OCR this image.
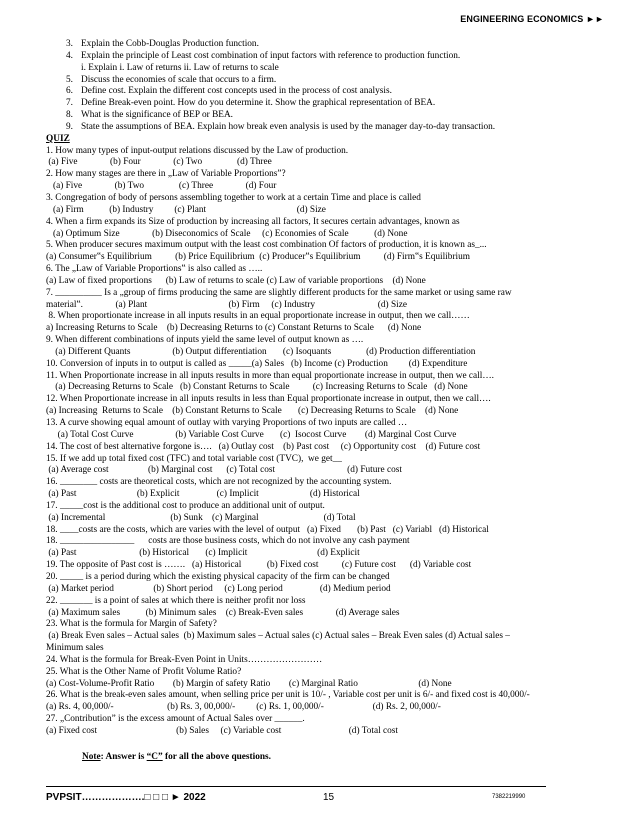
ENGINEERING ECONOMICS ►►
3. Explain the Cobb-Douglas Production function.
4. Explain the principle of Least cost combination of input factors with reference to production function.
i. Explain i. Law of returns ii. Law of returns to scale
5. Discuss the economies of scale that occurs to a firm.
6. Define cost. Explain the different cost concepts used in the process of cost analysis.
7. Define Break-even point. How do you determine it. Show the graphical representation of BEA.
8. What is the significance of BEP or BEA.
9. State the assumptions of BEA. Explain how break even analysis is used by the manager day-to-day transaction.
QUIZ
1. How many types of input-output relations discussed by the Law of production.
(a) Five              (b) Four              (c) Two               (d) Three
2. How many stages are there in „Law of Variable Proportions”?
(a) Five              (b) Two               (c) Three              (d) Four
3. Congregation of body of persons assembling together to work at a certain Time and place is called
(a) Firm           (b) Industry         (c) Plant                                       (d) Size
4. When a firm expands its Size of production by increasing all factors, It secures certain advantages, known as
(a) Optimum Size              (b) Diseconomics of Scale     (c) Economies of Scale           (d) None
5. When producer secures maximum output with the least cost combination Of factors of production, it is known as_...
(a) Consumer‟s Equilibrium          (b) Price Equilibrium  (c) Producer‟s Equilibrium          (d) Firm‟s Equilibrium
6. The „Law of Variable Proportions‟ is also called as …..
(a) Law of fixed proportions      (b) Law of returns to scale (c) Law of variable proportions    (d) None
7. __________ Is a „group of firms producing the same are slightly different products for the same market or using same raw
material‟.              (a) Plant                                   (b) Firm     (c) Industry                           (d) Size
8. When proportionate increase in all inputs results in an equal proportionate increase in output, then we call……
a) Increasing Returns to Scale    (b) Decreasing Returns to (c) Constant Returns to Scale      (d) None
9. When different combinations of inputs yield the same level of output known as ….
(a) Different Quants                  (b) Output differentiation       (c) Isoquants               (d) Production differentiation
10. Conversion of inputs in to output is called as _____(a) Sales   (b) Income (c) Production         (d) Expenditure
11. When Proportionate increase in all inputs results in more than equal proportionate increase in output, then we call….
(a) Decreasing Returns to Scale   (b) Constant Returns to Scale          (c) Increasing Returns to Scale   (d) None
12. When Proportionate increase in all inputs results in less than Equal proportionate increase in output, then we call….
(a) Increasing  Returns to Scale    (b) Constant Returns to Scale       (c) Decreasing Returns to Scale    (d) None
13. A curve showing equal amount of outlay with varying Proportions of two inputs are called …
(a) Total Cost Curve                  (b) Variable Cost Curve       (c)  Isocost Curve        (d) Marginal Cost Curve
14. The cost of best alternative forgone is….   (a) Outlay cost    (b) Past cost     (c) Opportunity cost    (d) Future cost
15. If we add up total fixed cost (TFC) and total variable cost (TVC),  we get__
(a) Average cost                 (b) Marginal cost      (c) Total cost                               (d) Future cost
16. ________ costs are theoretical costs, which are not recognized by the accounting system.
(a) Past                          (b) Explicit                (c) Implicit                      (d) Historical
17. _____cost is the additional cost to produce an additional unit of output.
(a) Incremental                            (b) Sunk    (c) Marginal                            (d) Total
18. ____costs are the costs, which are varies with the level of output   (a) Fixed       (b) Past   (c) Variabl   (d) Historical
18. ________________      costs are those business costs, which do not involve any cash payment
(a) Past                           (b) Historical       (c) Implicit                              (d) Explicit
19. The opposite of Past cost is …….   (a) Historical           (b) Fixed cost          (c) Future cost      (d) Variable cost
20. _____ is a period during which the existing physical capacity of the firm can be changed
(a) Market period                 (b) Short period     (c) Long period                (d) Medium period
22. _______ is a point of sales at which there is neither profit nor loss
(a) Maximum sales           (b) Minimum sales    (c) Break-Even sales              (d) Average sales
23. What is the formula for Margin of Safety?
(a) Break Even sales – Actual sales  (b) Maximum sales – Actual sales (c) Actual sales – Break Even sales (d) Actual sales –
Minimum sales
24. What is the formula for Break-Even Point in Units……………………
25. What is the Other Name of Profit Volume Ratio?
(a) Cost-Volume-Profit Ratio        (b) Margin of safety Ratio        (c) Marginal Ratio                          (d) None
26. What is the break-even sales amount, when selling price per unit is 10/- , Variable cost per unit is 6/- and fixed cost is 40,000/-
(a) Rs. 4, 00,000/-                       (b) Rs. 3, 00,000/-         (c) Rs. 1, 00,000/-                     (d) Rs. 2, 00,000/-
27. „Contribution” is the excess amount of Actual Sales over ______.
(a) Fixed cost                                  (b) Sales     (c) Variable cost                             (d) Total cost
Note: Answer is “C” for all the above questions.
PVPSIT……………….□ □ □ ► 2022	15	7382219990
